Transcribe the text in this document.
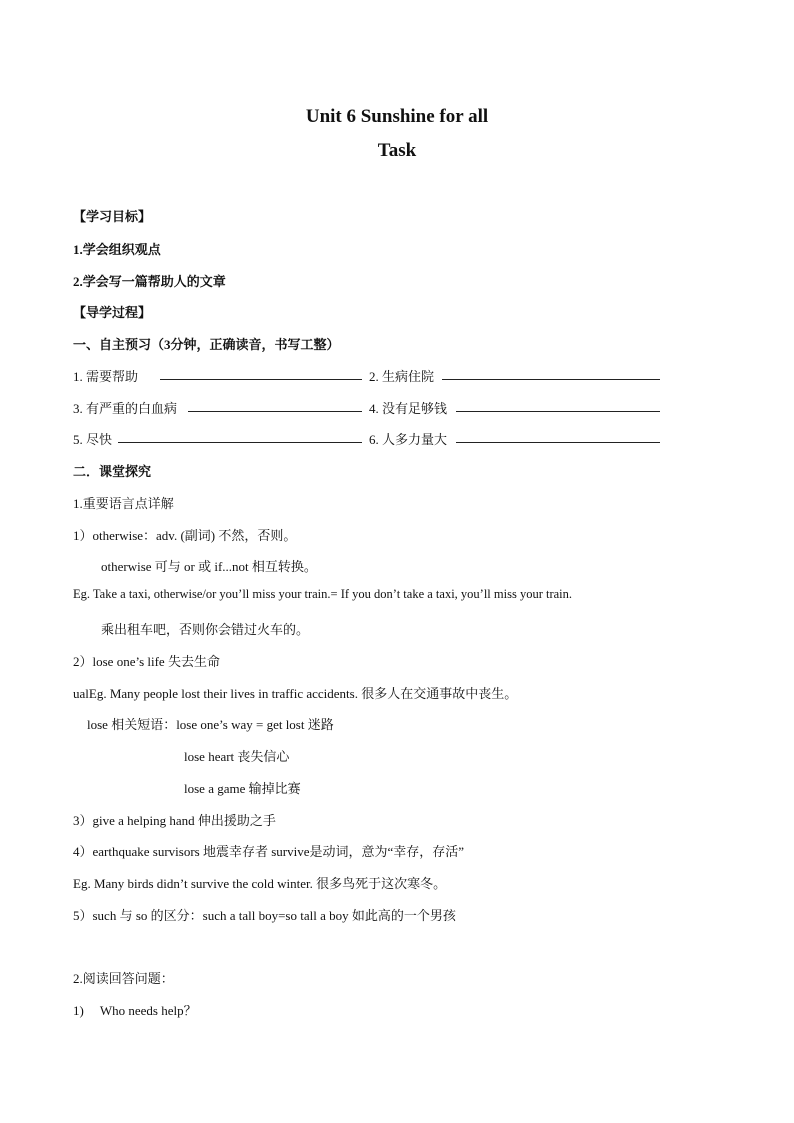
Unit 6 Sunshine for all
Task
【学习目标】
1.学会组织观点
2.学会写一篇帮助人的文章
【导学过程】
一、自主预习（3分钟，正确读音，书写工整）
1. 需要帮助	2. 生病住院
3. 有严重的白血病	4. 没有足够钱
5. 尽快	6. 人多力量大
二．课堂探究
1.重要语言点详解
1）otherwise：adv. (副词) 不然，否则。
otherwise 可与 or 或 if...not 相互转换。
Eg. Take a taxi, otherwise/or you’ll miss your train.= If you don’t take a taxi, you’ll miss your train.
乘出租车吧，否则你会错过火车的。
2）lose one’s life 失去生命
ualEg. Many people lost their lives in traffic accidents. 很多人在交通事故中丧生。
lose 相关短语：lose one’s way = get lost 迷路
lose heart 丧失信心
lose a game 输掉比赛
3）give a helping hand 伸出援助之手
4）earthquake survisors 地震幸存者 survive是动词，意为“幸存，存活”
Eg. Many birds didn’t survive the cold winter. 很多鸟死于这次寒冬。
5）such 与 so 的区分：such a tall boy=so tall a boy 如此高的一个男孩
2.阅读回答问题：
1)     Who needs help？
